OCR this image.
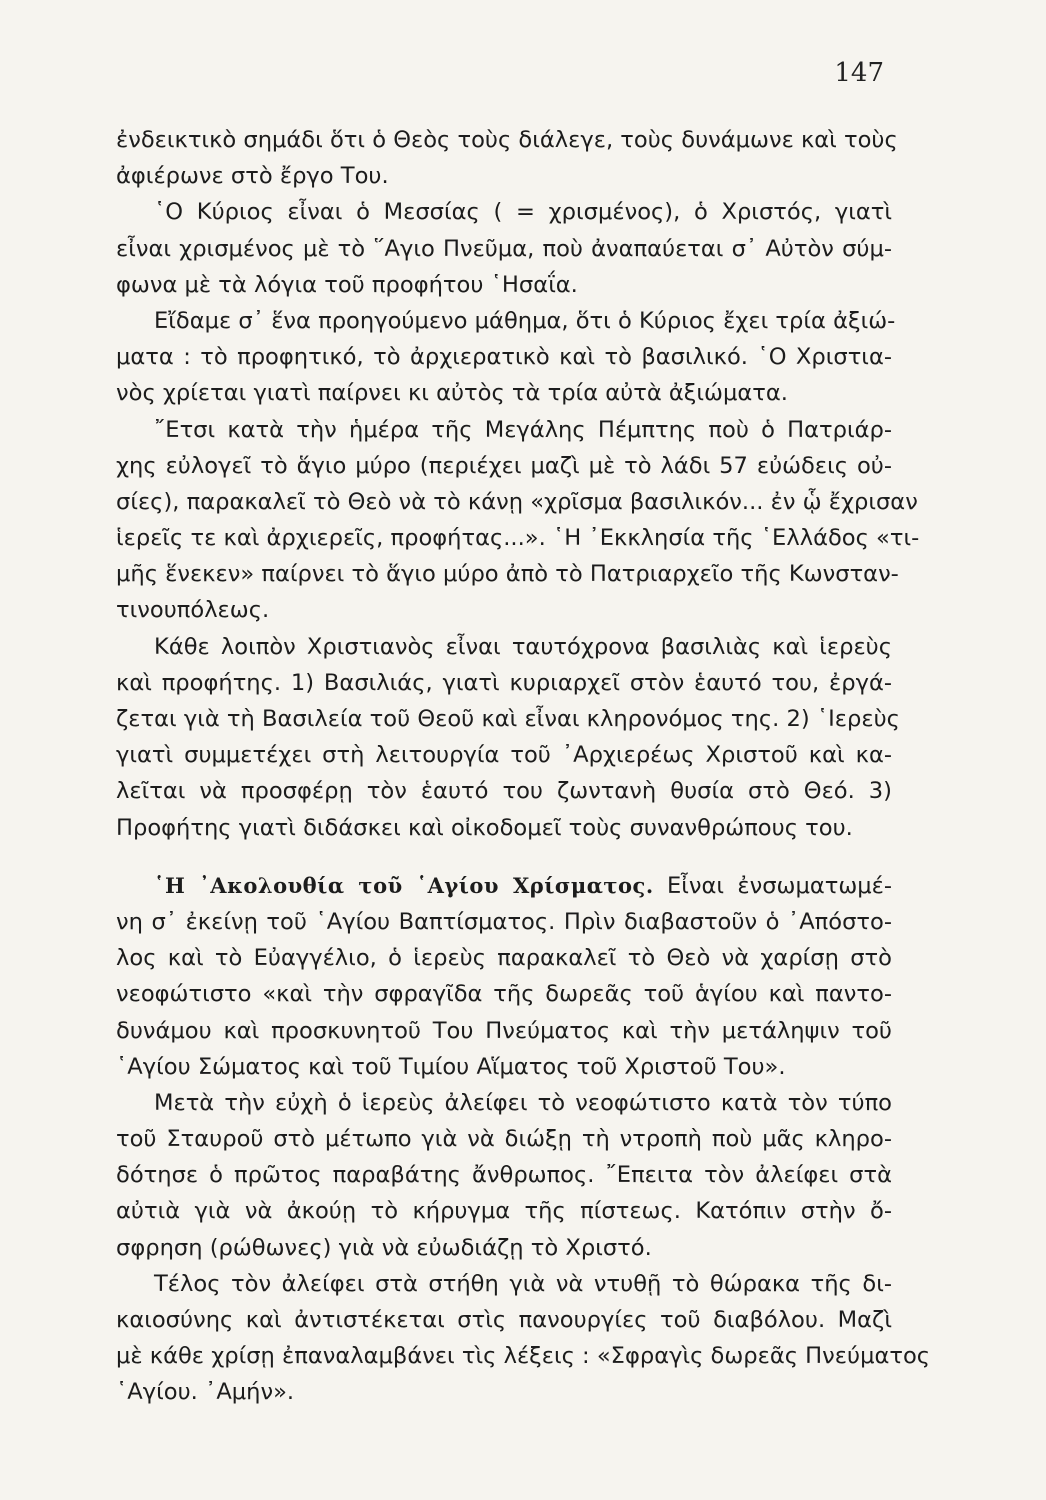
147
ἐνδεικτικὸ σημάδι ὅτι ὁ Θεὸς τοὺς διάλεγε, τοὺς δυνάμωνε καὶ τοὺς
ἀφιέρωνε στὸ ἔργο Του.
῾Ο Κύριος εἶναι ὁ Μεσσίας ( = χρισμένος), ὁ Χριστός, γιατὶ
εἶναι χρισμένος μὲ τὸ ῞Αγιο Πνεῦμα, ποὺ ἀναπαύεται σ᾽ Αὐτὸν σύμ-
φωνα μὲ τὰ λόγια τοῦ προφήτου ῾Ησαΐα.
Εἴδαμε σ᾽ ἕνα προηγούμενο μάθημα, ὅτι ὁ Κύριος ἔχει τρία ἀξιώ-
ματα : τὸ προφητικό, τὸ ἀρχιερατικὸ καὶ τὸ βασιλικό. ῾Ο Χριστια-
νὸς χρίεται γιατὶ παίρνει κι αὐτὸς τὰ τρία αὐτὰ ἀξιώματα.
῎Ετσι κατὰ τὴν ἡμέρα τῆς Μεγάλης Πέμπτης ποὺ ὁ Πατριάρ-
χης εὐλογεῖ τὸ ἅγιο μύρο (περιέχει μαζὶ μὲ τὸ λάδι 57 εὐώδεις οὐ-
σίες), παρακαλεῖ τὸ Θεὸ νὰ τὸ κάνῃ «χρῖσμα βασιλικόν... ἐν ᾧ ἔχρισαν
ἱερεῖς τε καὶ ἀρχιερεῖς, προφήτας...». ῾Η ᾿Εκκλησία τῆς ῾Ελλάδος «τι-
μῆς ἕνεκεν» παίρνει τὸ ἅγιο μύρο ἀπὸ τὸ Πατριαρχεῖο τῆς Κωνσταν-
τινουπόλεως.
Κάθε λοιπὸν Χριστιανὸς εἶναι ταυτόχρονα βασιλιὰς καὶ ἱερεὺς
καὶ προφήτης. 1) Βασιλιάς, γιατὶ κυριαρχεῖ στὸν ἑαυτό του, ἐργά-
ζεται γιὰ τὴ Βασιλεία τοῦ Θεοῦ καὶ εἶναι κληρονόμος της. 2) ῾Ιερεὺς
γιατὶ συμμετέχει στὴ λειτουργία τοῦ ᾿Αρχιερέως Χριστοῦ καὶ κα-
λεῖται νὰ προσφέρῃ τὸν ἑαυτό του ζωντανὴ θυσία στὸ Θεό. 3)
Προφήτης γιατὶ διδάσκει καὶ οἰκοδομεῖ τοὺς συνανθρώπους του.
῾Η ᾿Ακολουθία τοῦ ῾Αγίου Χρίσματος. Εἶναι ἐνσωματωμέ-
νη σ᾽ ἐκείνῃ τοῦ ῾Αγίου Βαπτίσματος. Πρὶν διαβαστοῦν ὁ ᾿Απόστο-
λος καὶ τὸ Εὐαγγέλιο, ὁ ἱερεὺς παρακαλεῖ τὸ Θεὸ νὰ χαρίσῃ στὸ
νεοφώτιστο «καὶ τὴν σφραγῖδα τῆς δωρεᾶς τοῦ ἁγίου καὶ παντο-
δυνάμου καὶ προσκυνητοῦ Του Πνεύματος καὶ τὴν μετάληψιν τοῦ
῾Αγίου Σώματος καὶ τοῦ Τιμίου Αἵματος τοῦ Χριστοῦ Του».
Μετὰ τὴν εὐχὴ ὁ ἱερεὺς ἀλείφει τὸ νεοφώτιστο κατὰ τὸν τύπο
τοῦ Σταυροῦ στὸ μέτωπο γιὰ νὰ διώξῃ τὴ ντροπὴ ποὺ μᾶς κληρο-
δότησε ὁ πρῶτος παραβάτης ἄνθρωπος. ῎Επειτα τὸν ἀλείφει στὰ
αὐτιὰ γιὰ νὰ ἀκούῃ τὸ κήρυγμα τῆς πίστεως. Κατόπιν στὴν ὄ-
σφρηση (ρώθωνες) γιὰ νὰ εὐωδιάζῃ τὸ Χριστό.
Τέλος τὸν ἀλείφει στὰ στήθη γιὰ νὰ ντυθῇ τὸ θώρακα τῆς δι-
καιοσύνης καὶ ἀντιστέκεται στὶς πανουργίες τοῦ διαβόλου. Μαζὶ
μὲ κάθε χρίσῃ ἐπαναλαμβάνει τὶς λέξεις : «Σφραγὶς δωρεᾶς Πνεύματος
῾Αγίου. ᾿Αμήν».
